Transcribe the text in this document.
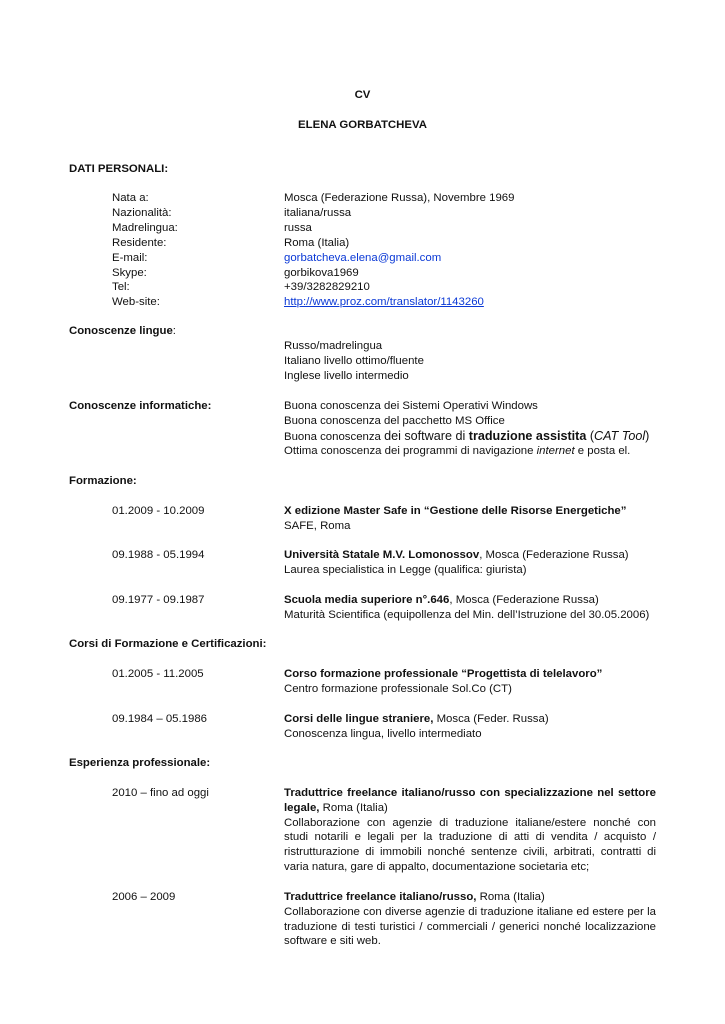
CV
ELENA GORBATCHEVA
DATI PERSONALI:
Nata a:	Mosca (Federazione Russa), Novembre 1969
Nazionalità:	italiana/russa
Madrelingua:	russa
Residente:	Roma (Italia)
E-mail:	gorbatcheva.elena@gmail.com
Skype:	gorbikova1969
Tel:	+39/3282829210
Web-site:	http://www.proz.com/translator/1143260
Conoscenze lingue:
Russo/madrelingua
Italiano livello ottimo/fluente
Inglese livello intermedio
Conoscenze informatiche:	Buona conoscenza dei Sistemi Operativi Windows
Buona conoscenza del pacchetto MS Office
Buona conoscenza dei software di traduzione assistita (CAT Tool)
Ottima conoscenza dei programmi di navigazione internet e posta el.
Formazione:
01.2009 - 10.2009	X edizione Master Safe in “Gestione delle Risorse Energetiche”
SAFE, Roma
09.1988 - 05.1994	Università Statale M.V. Lomonossov, Mosca (Federazione Russa)
Laurea specialistica in Legge (qualifica: giurista)
09.1977 - 09.1987	Scuola media superiore n°.646, Mosca (Federazione Russa)
Maturità Scientifica (equipollenza del Min. dell’Istruzione del 30.05.2006)
Corsi di Formazione e Certificazioni:
01.2005 - 11.2005	Corso formazione professionale “Progettista di telelavoro”
Centro formazione professionale Sol.Co (CT)
09.1984 – 05.1986	Corsi delle lingue straniere, Mosca (Feder. Russa)
Conoscenza lingua, livello intermediato
Esperienza professionale:
2010 – fino ad oggi	Traduttrice freelance italiano/russo con specializzazione nel settore legale, Roma (Italia)
Collaborazione con agenzie di traduzione italiane/estere nonché con studi notarili e legali per la traduzione di atti di vendita / acquisto / ristrutturazione di immobili nonché sentenze civili, arbitrati, contratti di varia natura, gare di appalto, documentazione societaria etc;
2006 – 2009	Traduttrice freelance italiano/russo, Roma (Italia)
Collaborazione con diverse agenzie di traduzione italiane ed estere per la traduzione di testi turistici / commerciali / generici nonché localizzazione software e siti web.
